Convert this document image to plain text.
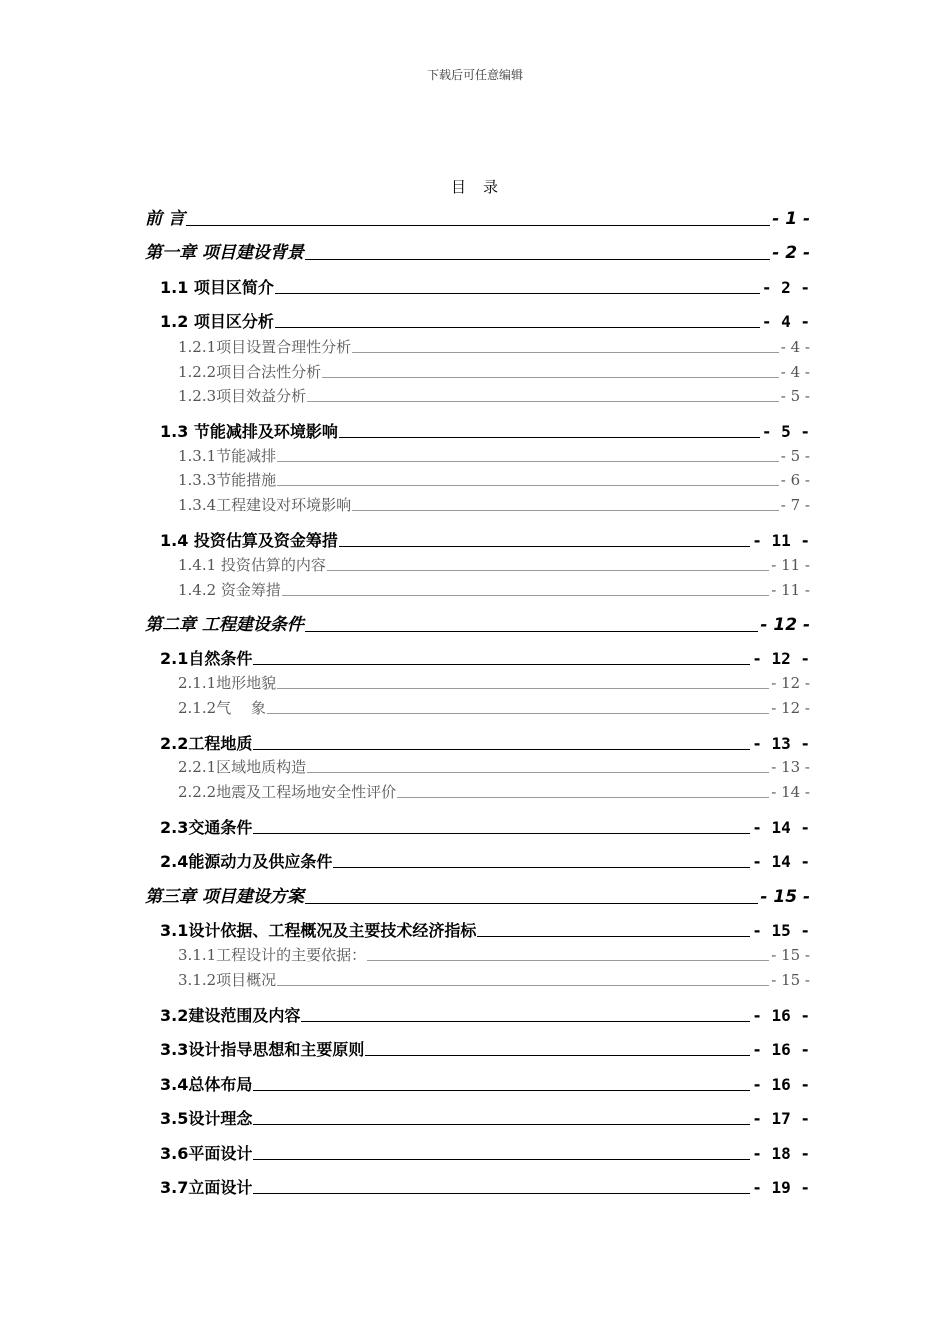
下载后可任意编辑
目　录
前 言	- 1 -
第一章 项目建设背景	- 2 -
1.1 项目区简介	- 2 -
1.2 项目区分析	- 4 -
1.2.1项目设置合理性分析	- 4 -
1.2.2项目合法性分析	- 4 -
1.2.3项目效益分析	- 5 -
1.3 节能减排及环境影响	- 5 -
1.3.1节能减排	- 5 -
1.3.3节能措施	- 6 -
1.3.4工程建设对环境影响	- 7 -
1.4 投资估算及资金筹措	- 11 -
1.4.1 投资估算的内容	- 11 -
1.4.2 资金筹措	- 11 -
第二章 工程建设条件	- 12 -
2.1自然条件	- 12 -
2.1.1地形地貌	- 12 -
2.1.2气　 象	- 12 -
2.2工程地质	- 13 -
2.2.1区域地质构造	- 13 -
2.2.2地震及工程场地安全性评价	- 14 -
2.3交通条件	- 14 -
2.4能源动力及供应条件	- 14 -
第三章 项目建设方案	- 15 -
3.1设计依据、工程概况及主要技术经济指标	- 15 -
3.1.1工程设计的主要依据：	- 15 -
3.1.2项目概况	- 15 -
3.2建设范围及内容	- 16 -
3.3设计指导思想和主要原则	- 16 -
3.4总体布局	- 16 -
3.5设计理念	- 17 -
3.6平面设计	- 18 -
3.7立面设计	- 19 -
